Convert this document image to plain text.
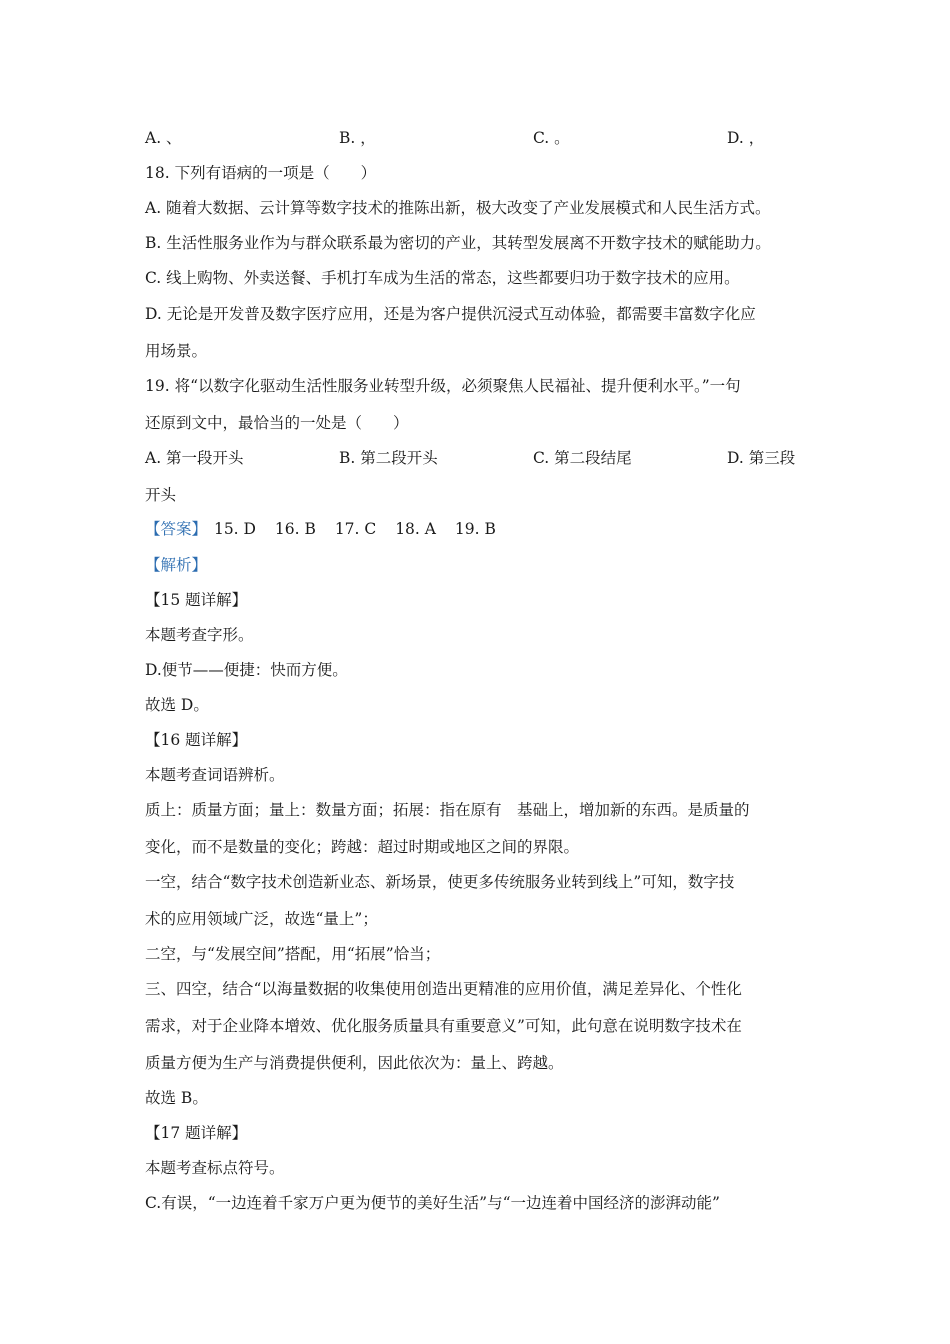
A. 、	B. ，	C. 。	D. ，
18. 下列有语病的一项是（　　）
A. 随着大数据、云计算等数字技术的推陈出新，极大改变了产业发展模式和人民生活方式。
B. 生活性服务业作为与群众联系最为密切的产业，其转型发展离不开数字技术的赋能助力。
C. 线上购物、外卖送餐、手机打车成为生活的常态，这些都要归功于数字技术的应用。
D. 无论是开发普及数字医疗应用，还是为客户提供沉浸式互动体验，都需要丰富数字化应
用场景。
19. 将“以数字化驱动生活性服务业转型升级，必须聚焦人民福祉、提升便利水平。”一句
还原到文中，最恰当的一处是（　　）
A. 第一段开头	B. 第二段开头	C. 第二段结尾	D. 第三段
开头
【答案】 15. D 16. B 17. C 18. A 19. B
【解析】
【15 题详解】
本题考查字形。
D.便节——便捷：快而方便。
故选 D。
【16 题详解】
本题考查词语辨析。
质上：质量方面；量上：数量方面；拓展：指在原有　基础上，增加新的东西。是质量的
变化，而不是数量的变化；跨越：超过时期或地区之间的界限。
一空，结合“数字技术创造新业态、新场景，使更多传统服务业转到线上”可知，数字技
术的应用领域广泛，故选“量上”；
二空，与“发展空间”搭配，用“拓展”恰当；
三、四空，结合“以海量数据的收集使用创造出更精准的应用价值，满足差异化、个性化
需求，对于企业降本增效、优化服务质量具有重要意义”可知，此句意在说明数字技术在
质量方便为生产与消费提供便利，因此依次为：量上、跨越。
故选 B。
【17 题详解】
本题考查标点符号。
C.有误，“一边连着千家万户更为便节的美好生活”与“一边连着中国经济的澎湃动能”
